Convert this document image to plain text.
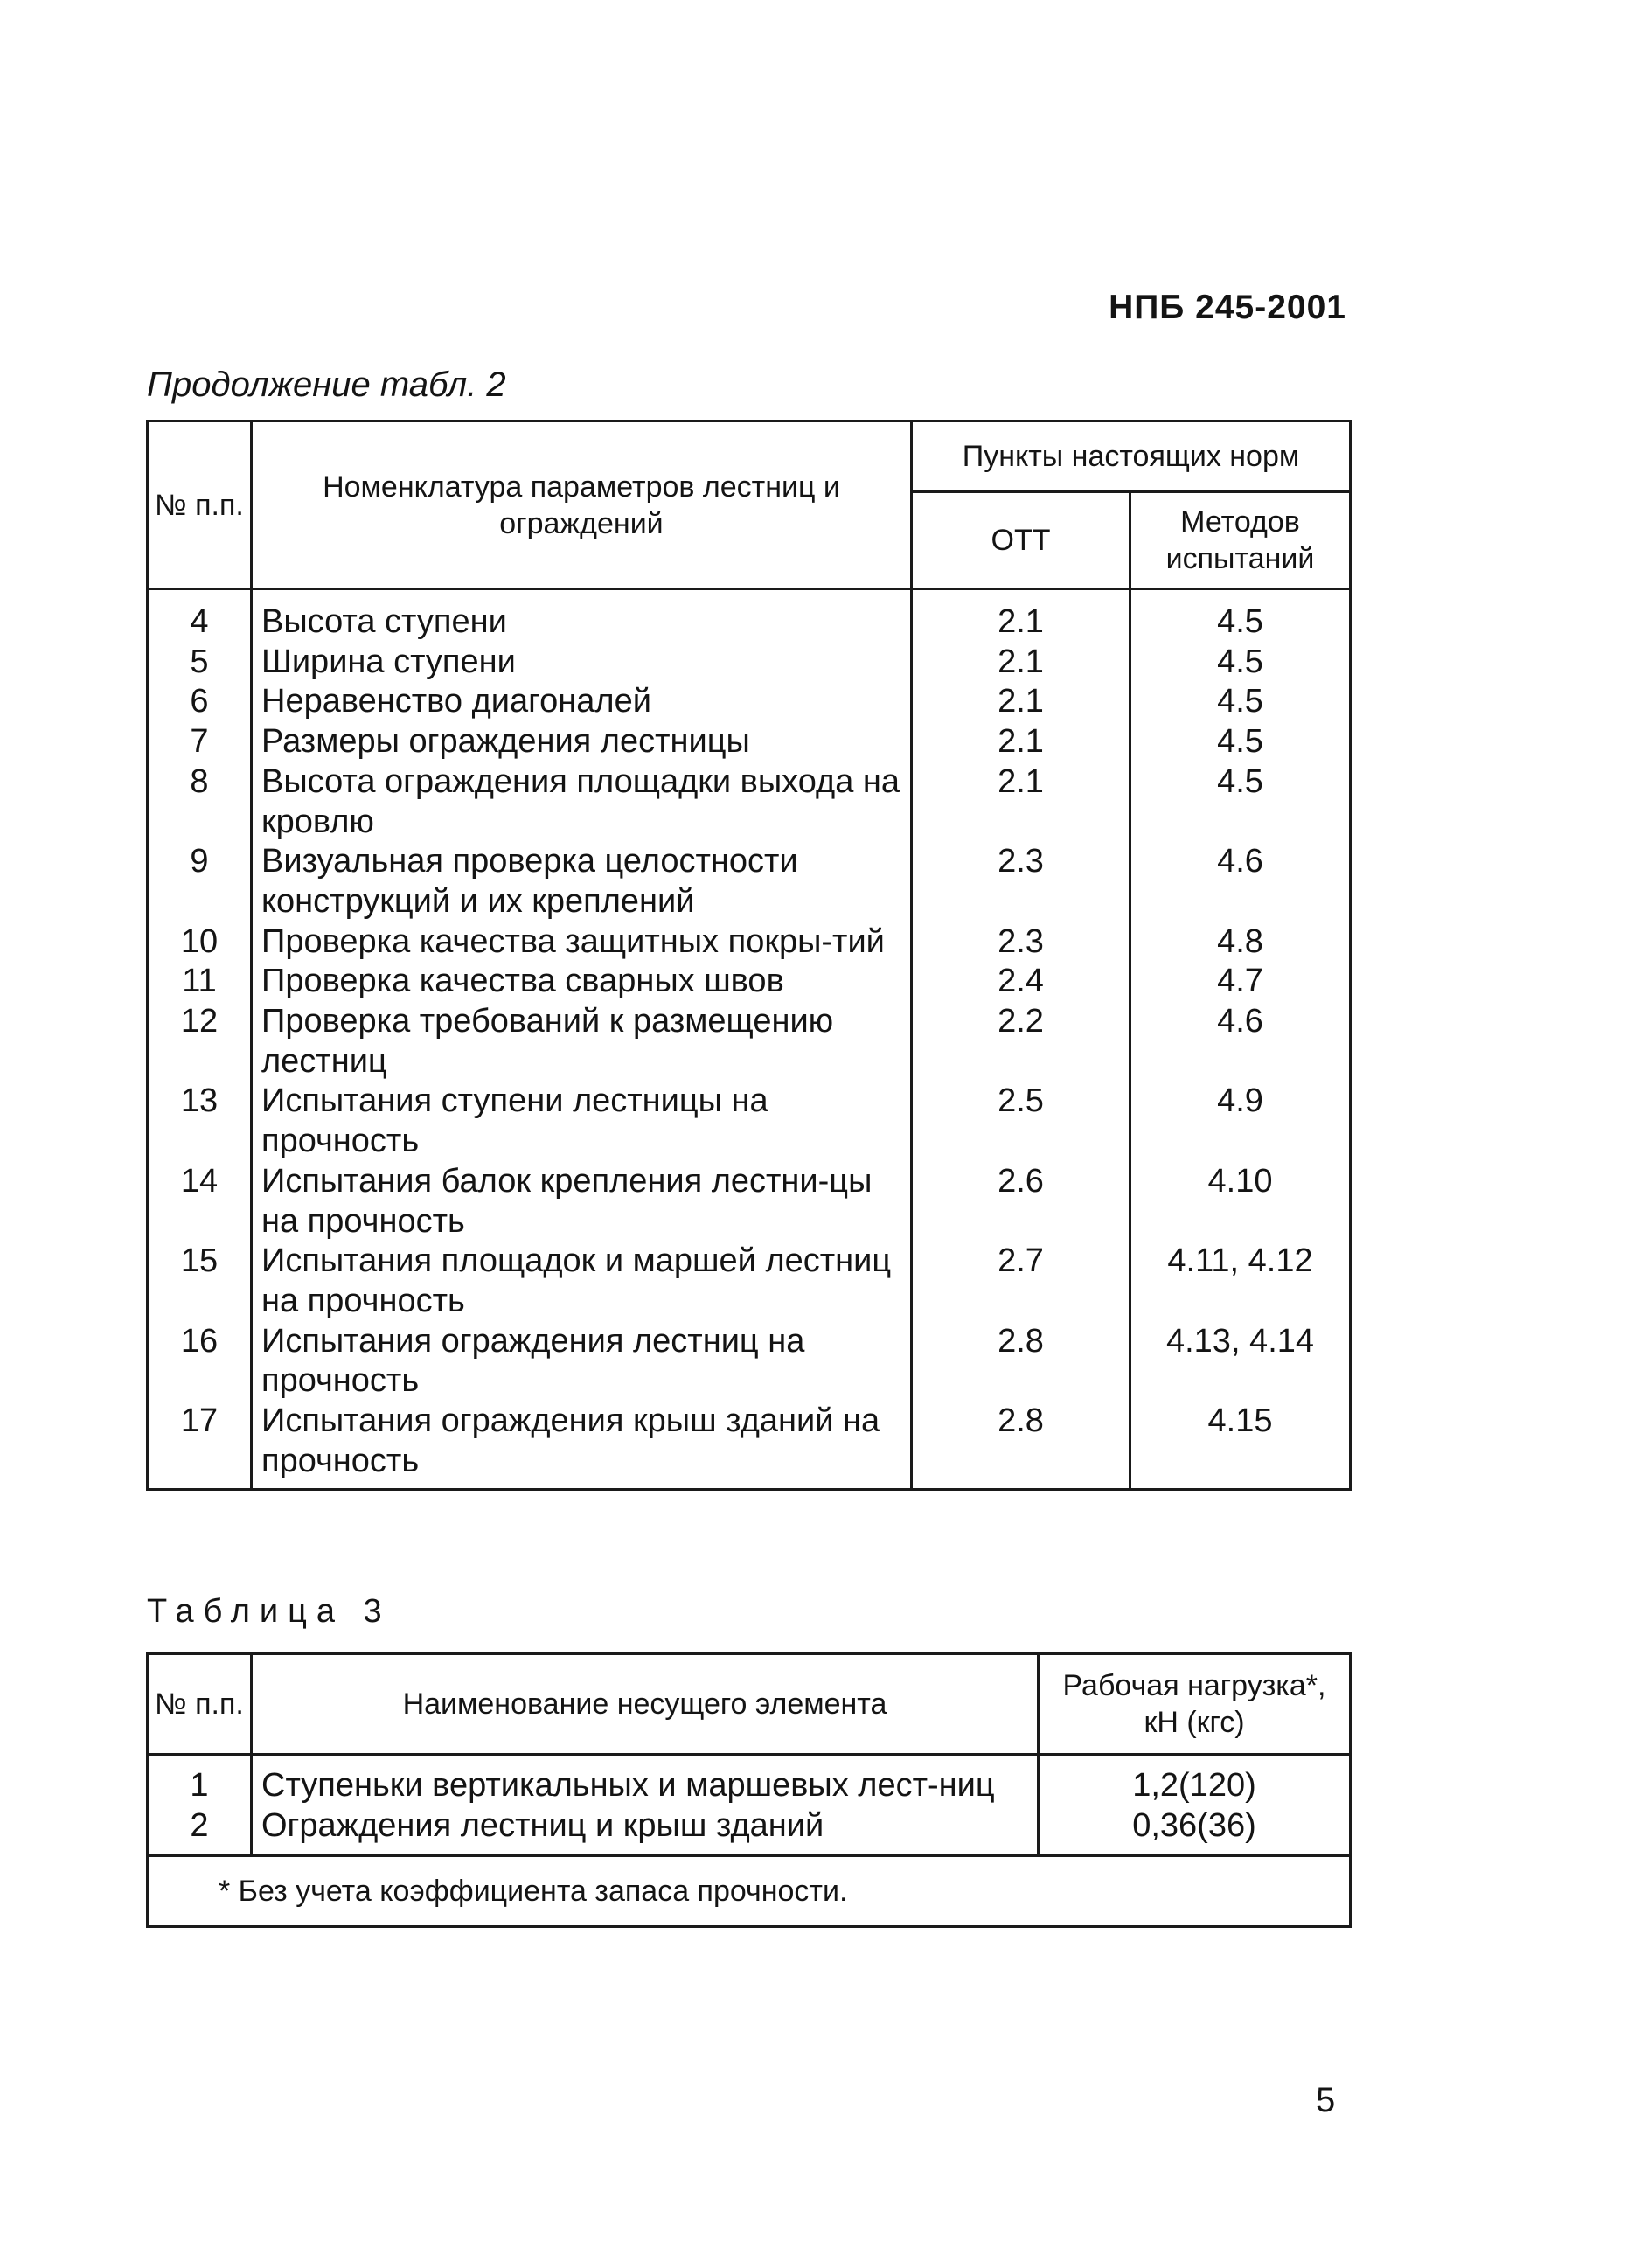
НПБ 245-2001
Продолжение табл. 2
№ п.п.	Номенклатура параметров лестниц и ограждений	Пункты настоящих норм	
		ОТТ	Методов испытаний
4	Высота ступени	2.1	4.5
5	Ширина ступени	2.1	4.5
6	Неравенство диагоналей	2.1	4.5
7	Размеры ограждения лестницы	2.1	4.5
8	Высота ограждения площадки выхода на кровлю	2.1	4.5
9	Визуальная проверка целостности конструкций и их креплений	2.3	4.6
10	Проверка качества защитных покры-тий	2.3	4.8
11	Проверка качества сварных швов	2.4	4.7
12	Проверка требований к размещению лестниц	2.2	4.6
13	Испытания ступени лестницы на прочность	2.5	4.9
14	Испытания балок крепления лестни-цы на прочность	2.6	4.10
15	Испытания площадок и маршей лестниц на прочность	2.7	4.11, 4.12
16	Испытания ограждения лестниц на прочность	2.8	4.13, 4.14
17	Испытания ограждения крыш зданий на прочность	2.8	4.15
Таблица 3
№ п.п.	Наименование несущего элемента	Рабочая нагрузка*, кН (кгс)
1	Ступеньки вертикальных и маршевых лест-ниц	1,2(120)
2	Ограждения лестниц и крыш зданий	0,36(36)
* Без учета коэффициента запаса прочности.		
5
